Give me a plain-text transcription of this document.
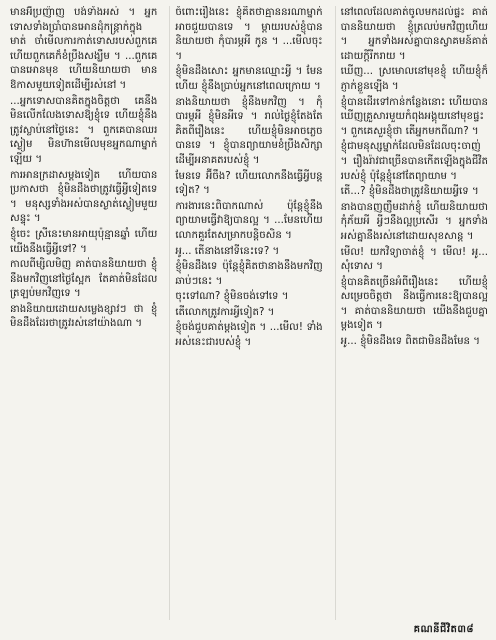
មានអ៊ីប្រញ៉ាញ បង់ទាំងអស់ ។ អ្នកទោសទាំងប្រាំបានអោនដុំកន្ត្រាក់ក្នុងមាត់ ចាំមើលការកាត់ទោសរបស់ពួកគេ ហើយពួកគេក៏ខំប្រឹងសង្ឃឹម ។ ...ពួកគេបានអោនមុខ ហើយនិយាយថា មានឱកាសមួយទៀតដើម្បីរស់នៅ ។

...អ្នកទោសបានគិតក្នុងចិត្តថា គេនឹងមិនលើកលែងទោសឱ្យខ្ញុំទេ ហើយខ្ញុំនឹងត្រូវស្លាប់នៅថ្ងៃនេះ ។ ពួកគេបានឈរស្ងៀម មិនហ៊ានមើលមុខអ្នកណាម្នាក់ឡើយ ។

ការអានក្រដាសម្តងទៀត ហើយបានប្រកាសថា ខ្ញុំមិនដឹងថាត្រូវធ្វើអ្វីទៀតទេ ។ មនុស្សទាំងអស់បានស្ងាត់ស្ងៀមមួយសន្ទុះ ។

ខ្ញុំចេះ ស្រីនេះមានអាយុប៉ុន្មានឆ្នាំ ហើយ យើងនឹងធ្វើអ្វីទៅ? ។

កាលពីម្សិលមិញ គាត់បាននិយាយថា ខ្ញុំនឹងមកវិញនៅថ្ងៃស្អែក តែគាត់មិនដែលត្រឡប់មកវិញទេ ។

នាងនិយាយដោយសម្លេងខ្សាវៗ ថា ខ្ញុំមិនដឹងដែរថាត្រូវរស់នៅយ៉ាងណា ។

ចំពោះរឿងនេះ ខ្ញុំគិតថាគ្មាននរណាម្នាក់អាចជួយបានទេ ។ ម្តាយរបស់ខ្ញុំបាននិយាយថា កុំបារម្ភអី កូន ។ ...មើលចុះ ។

ខ្ញុំមិនដឹងសោះ អ្នកមានឈ្មោះអ្វី ។ មែនហើយ ខ្ញុំនឹងប្រាប់អ្នកនៅពេលក្រោយ ។

នាងនិយាយថា ខ្ញុំនឹងមកវិញ ។ កុំបារម្ភអី ខ្ញុំមិនអីទេ ។ រាល់ថ្ងៃខ្ញុំតែងតែគិតពីរឿងនេះ ហើយខ្ញុំមិនអាចភ្លេចបានទេ ។ ខ្ញុំបានព្យាយាមខំប្រឹងសិក្សា ដើម្បីអនាគតរបស់ខ្ញុំ ។

មែនទេ អ៊ីចឹង? ហើយលោកនឹងធ្វើអ្វីបន្តទៀត? ។

ការងារនេះពិបាកណាស់ ប៉ុន្តែខ្ញុំនឹងព្យាយាមធ្វើវាឱ្យបានល្អ ។ ...មែនហើយ លោកគួរតែសម្រាកបន្តិចសិន ។

អូ... តើនាងនៅទីនេះទេ? ។

ខ្ញុំមិនដឹងទេ ប៉ុន្តែខ្ញុំគិតថានាងនឹងមកវិញឆាប់ៗនេះ ។

ចុះទៅណា? ខ្ញុំមិនចង់ទៅទេ ។

តើលោកត្រូវការអ្វីទៀត? ។

ខ្ញុំចង់ជួបគាត់ម្តងទៀត ។ ...មើល! ទាំងអស់នេះជារបស់ខ្ញុំ ។

នៅពេលដែលគាត់ចូលមកដល់ផ្ទះ គាត់បាននិយាយថា ខ្ញុំត្រលប់មកវិញហើយ ។ អ្នកទាំងអស់គ្នាបានស្វាគមន៍គាត់ដោយក្តីរីករាយ ។

ឃើញ... ស្រមោលនៅមុខខ្ញុំ ហើយខ្ញុំក៏ភ្ញាក់ខ្លួនឡើង ។

ខ្ញុំបានដើរទៅកាន់កន្លែងនោះ ហើយបានឃើញគ្រួសារមួយកំពុងអង្គុយនៅមុខផ្ទះ ។ ពួកគេសួរខ្ញុំថា តើអ្នកមកពីណា? ។

ខ្ញុំជាមនុស្សម្នាក់ដែលមិនដែលចុះចាញ់ ។ រឿងរ៉ាវជាច្រើនបានកើតឡើងក្នុងជីវិតរបស់ខ្ញុំ ប៉ុន្តែខ្ញុំនៅតែព្យាយាម ។

តើ...? ខ្ញុំមិនដឹងថាត្រូវនិយាយអ្វីទេ ។

នាងបានញញឹមដាក់ខ្ញុំ ហើយនិយាយថា កុំភ័យអី អ្វីៗនឹងល្អប្រសើរ ។ អ្នកទាំងអស់គ្នានឹងរស់នៅដោយសុខសាន្ត ។

មើល! យកវិទ្យាចាត់ខ្ញុំ ។ មើល! អូ... សុំទោស ។

ខ្ញុំបានគិតច្រើនអំពីរឿងនេះ ហើយខ្ញុំសម្រេចចិត្តថា នឹងធ្វើការនេះឱ្យបានល្អ ។ គាត់បាននិយាយថា យើងនឹងជួបគ្នាម្តងទៀត ។

អូ... ខ្ញុំមិនដឹងទេ ពិតជាមិនដឹងមែន ។

គណនីជីវិត៣៨
